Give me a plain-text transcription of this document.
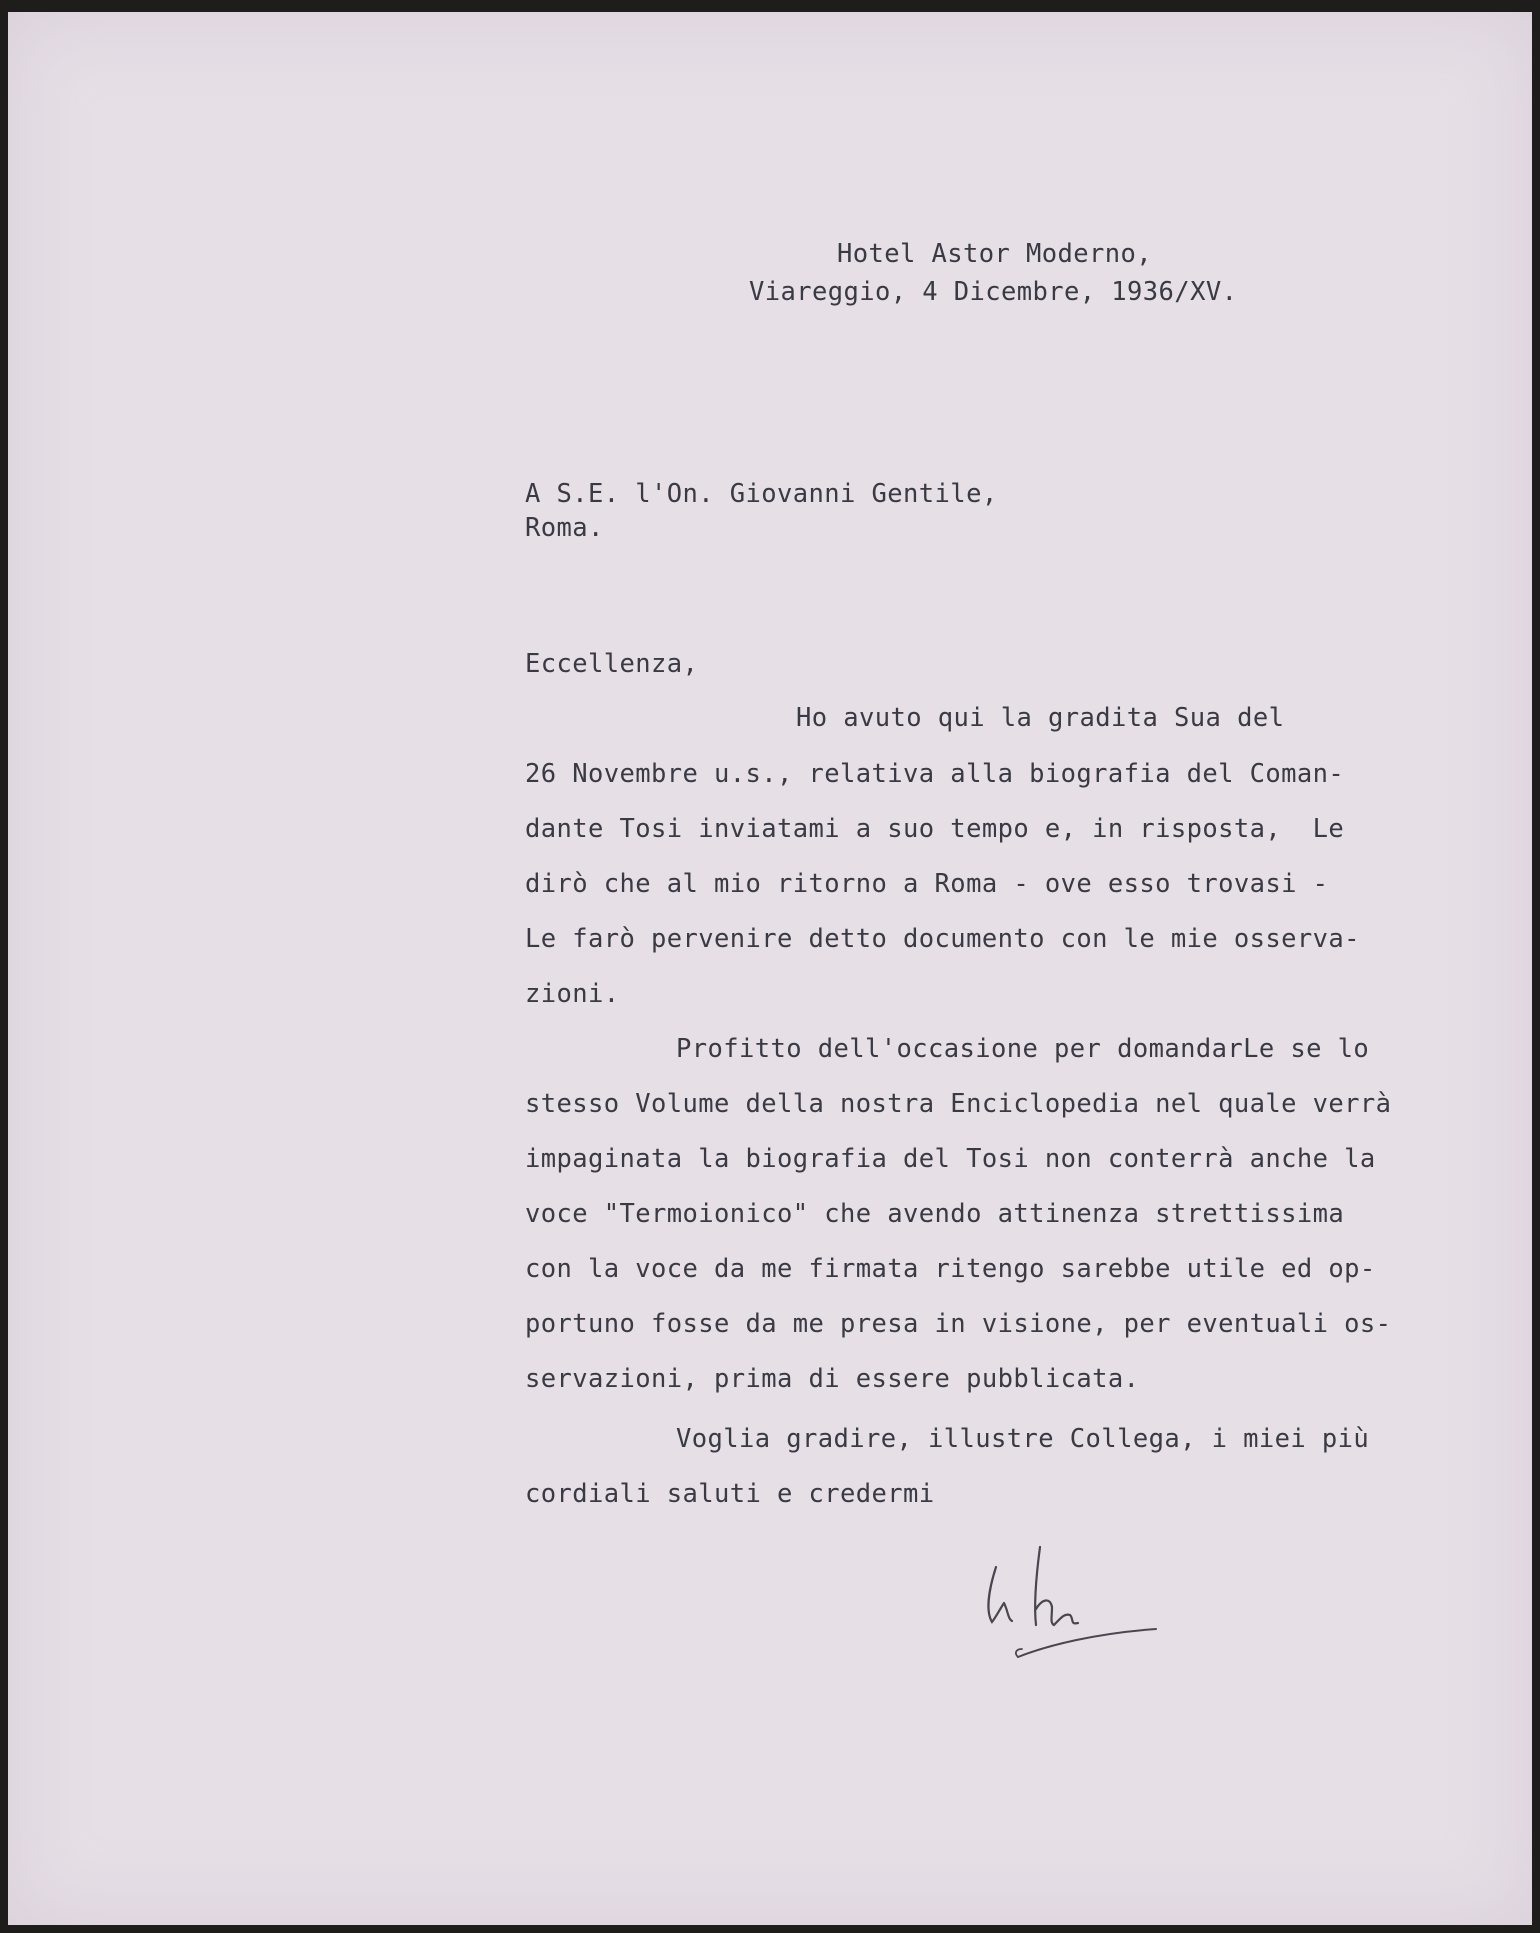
Hotel Astor Moderno,
Viareggio, 4 Dicembre, 1936/XV.
A S.E. l'On. Giovanni Gentile,
Roma.
Eccellenza,
Ho avuto qui la gradita Sua del
26 Novembre u.s., relativa alla biografia del Coman-
dante Tosi inviatami a suo tempo e, in risposta,  Le
dirò che al mio ritorno a Roma - ove esso trovasi -
Le farò pervenire detto documento con le mie osserva-
zioni.
Profitto dell'occasione per domandarLe se lo
stesso Volume della nostra Enciclopedia nel quale verrà
impaginata la biografia del Tosi non conterrà anche la
voce "Termoionico" che avendo attinenza strettissima
con la voce da me firmata ritengo sarebbe utile ed op-
portuno fosse da me presa in visione, per eventuali os-
servazioni, prima di essere pubblicata.
Voglia gradire, illustre Collega, i miei più
cordiali saluti e credermi
